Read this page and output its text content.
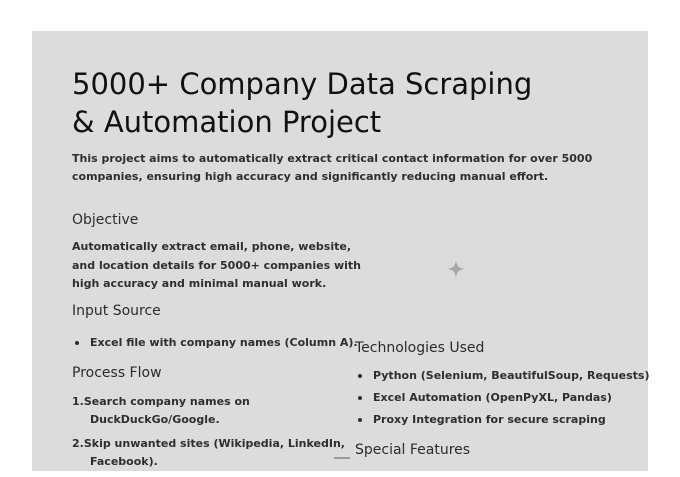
5000+ Company Data Scraping
& Automation Project
This project aims to automatically extract critical contact information for over 5000
companies, ensuring high accuracy and significantly reducing manual effort.
Objective
Automatically extract email, phone, website,
and location details for 5000+ companies with
high accuracy and minimal manual work.
Input Source
Excel file with company names (Column A).
Process Flow
1.Search company names on
DuckDuckGo/Google.
2.Skip unwanted sites (Wikipedia, LinkedIn,
Facebook).
Technologies Used
Python (Selenium, BeautifulSoup, Requests)
Excel Automation (OpenPyXL, Pandas)
Proxy Integration for secure scraping
Special Features
